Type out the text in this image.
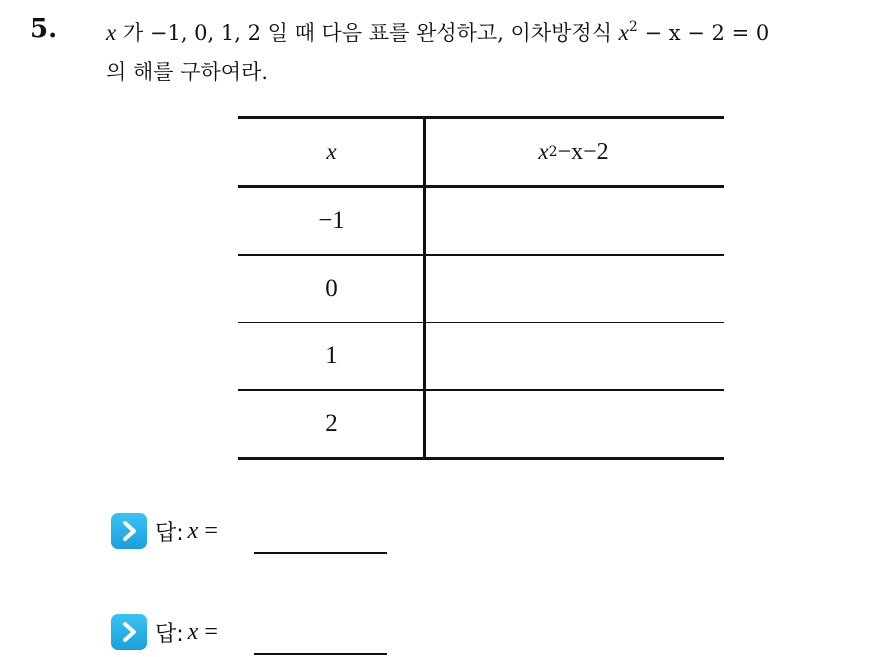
5. x 가 −1, 0, 1, 2 일 때 다음 표를 완성하고, 이차방정식 $x^2 - x - 2 = 0$
의 해를 구하여라.
x	x 2 −x−2
−1
0
1
2
답: x =
답: x =
